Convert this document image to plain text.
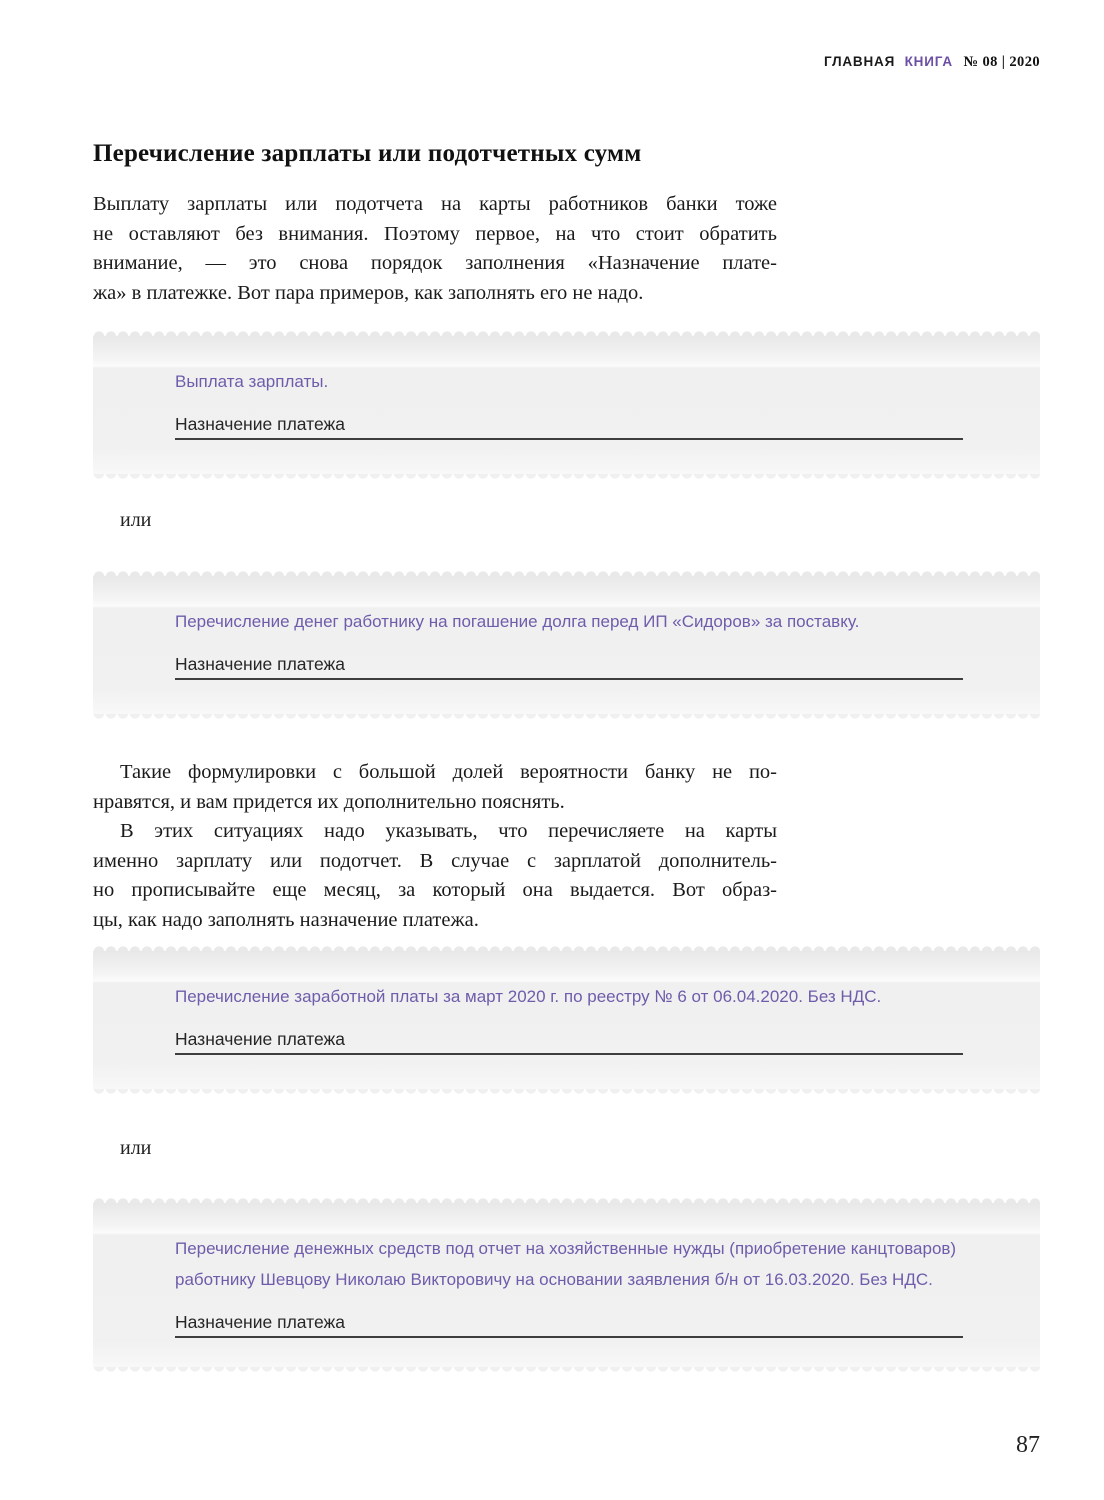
ГЛАВНАЯ КНИГА № 08 | 2020
Перечисление зарплаты или подотчетных сумм
Выплату зарплаты или подотчета на карты работников банки тоже
не оставляют без внимания. Поэтому первое, на что стоит обратить
внимание, — это снова порядок заполнения «Назначение плате-
жа» в платежке. Вот пара примеров, как заполнять его не надо.

Выплата зарплаты.

Назначение платежа
или

Перечисление денег работнику на погашение долга перед ИП «Сидоров» за поставку.

Назначение платежа
Такие формулировки с большой долей вероятности банку не по-
нравятся, и вам придется их дополнительно пояснять.
В этих ситуациях надо указывать, что перечисляете на карты
именно зарплату или подотчет. В случае с зарплатой дополнитель-
но прописывайте еще месяц, за который она выдается. Вот образ-
цы, как надо заполнять назначение платежа.

Перечисление заработной платы за март 2020 г. по реестру № 6 от 06.04.2020. Без НДС.

Назначение платежа
или

Перечисление денежных средств под отчет на хозяйственные нужды (приобретение канцтоваров) работнику Шевцову Николаю Викторовичу на основании заявления б/н от 16.03.2020. Без НДС.

Назначение платежа
87
